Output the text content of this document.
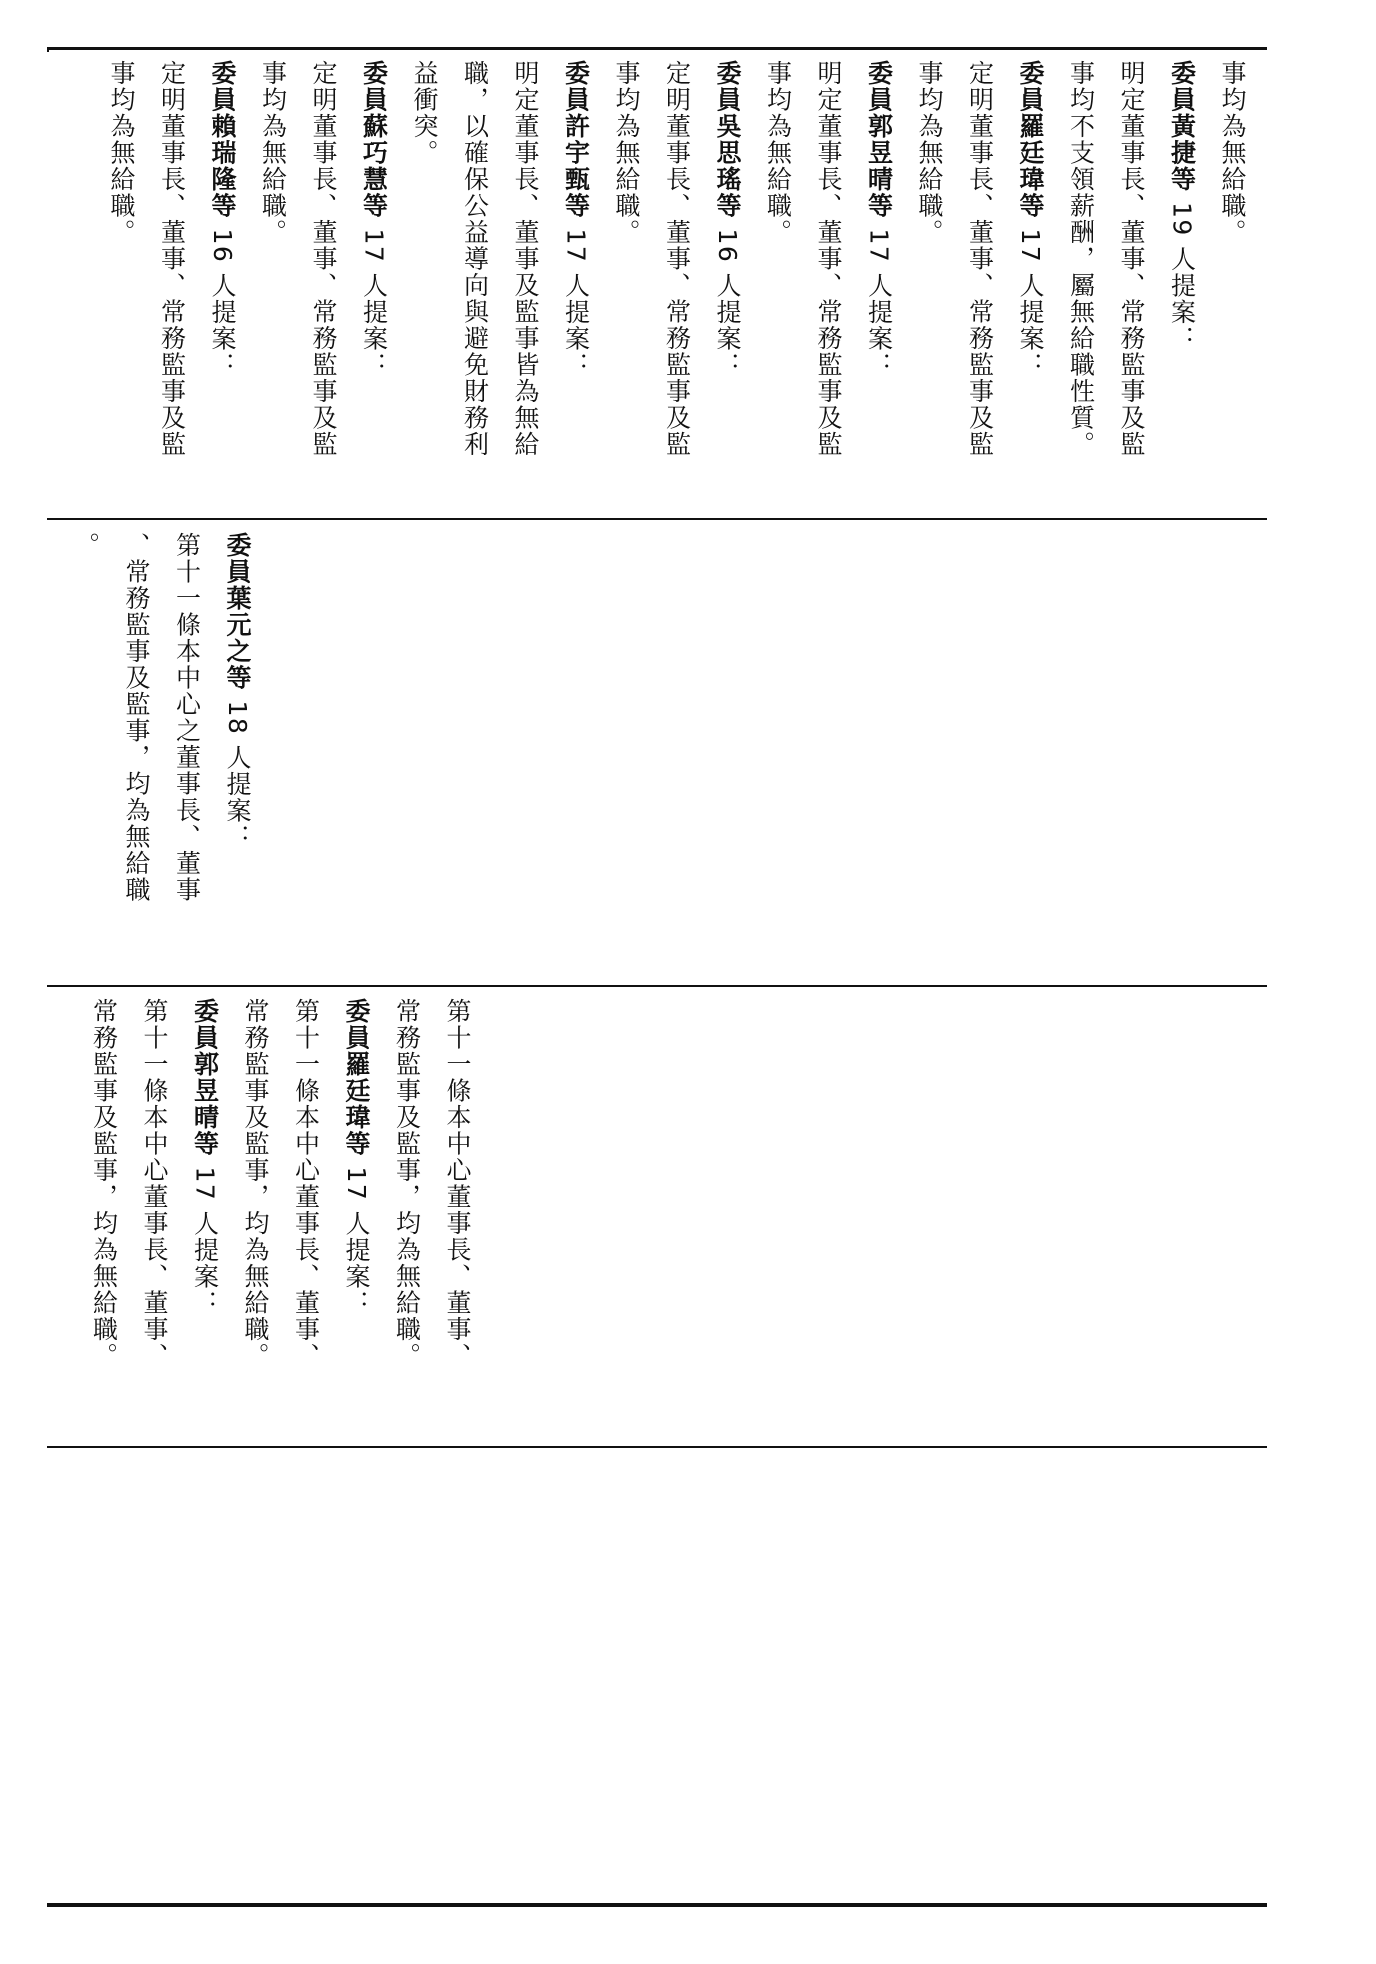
事均為無給職。
委員黃捷等 19 人提案：
明定董事長、董事、常務監事及監
事均不支領薪酬，屬無給職性質。
委員羅廷瑋等 17 人提案：
定明董事長、董事、常務監事及監
事均為無給職。
委員郭昱晴等 17 人提案：
明定董事長、董事、常務監事及監
事均為無給職。
委員吳思瑤等 16 人提案：
定明董事長、董事、常務監事及監
事均為無給職。
委員許宇甄等 17 人提案：
明定董事長、董事及監事皆為無給
職，以確保公益導向與避免財務利
益衝突。
委員蘇巧慧等 17 人提案：
定明董事長、董事、常務監事及監
事均為無給職。
委員賴瑞隆等 16 人提案：
定明董事長、董事、常務監事及監
事均為無給職。
委員葉元之等 18 人提案：
第十一條本中心之董事長、董事
、常務監事及監事，均為無給職
。
第十一條本中心董事長、董事、
常務監事及監事，均為無給職。
委員羅廷瑋等 17 人提案：
第十一條本中心董事長、董事、
常務監事及監事，均為無給職。
委員郭昱晴等 17 人提案：
第十一條本中心董事長、董事、
常務監事及監事，均為無給職。
